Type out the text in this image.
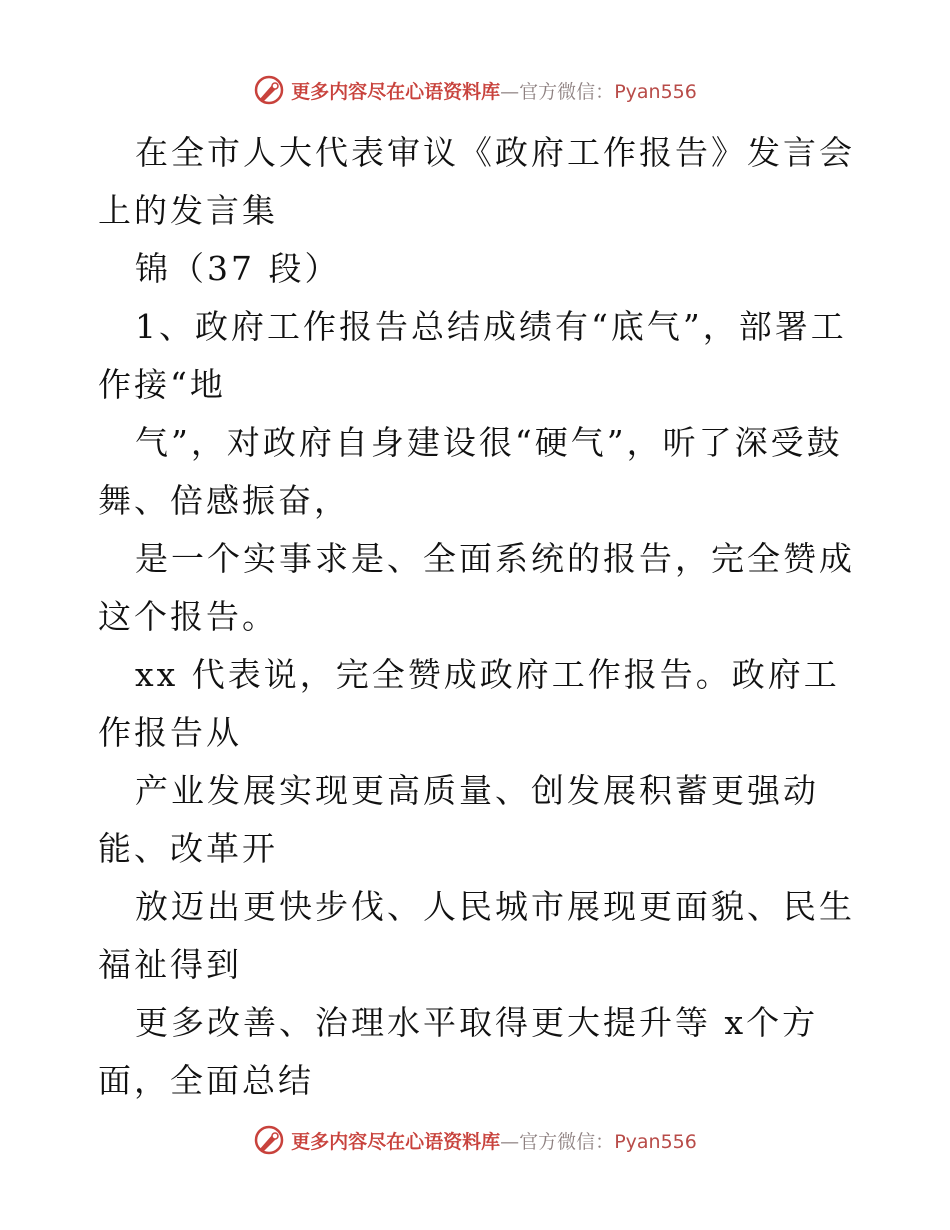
更多内容尽在心语资料库—官方微信：Pyan556

在全市人大代表审议《政府工作报告》发言会上的发言集

锦（37 段）

1、政府工作报告总结成绩有“底气”，部署工作接“地

气”，对政府自身建设很“硬气”，听了深受鼓舞、倍感振奋，

是一个实事求是、全面系统的报告，完全赞成这个报告。

xx 代表说，完全赞成政府工作报告。政府工作报告从

产业发展实现更高质量、创发展积蓄更强动能、改革开

放迈出更快步伐、人民城市展现更面貌、民生福祉得到

更多改善、治理水平取得更大提升等 x个方 面，全面总结

更多内容尽在心语资料库—官方微信：Pyan556
